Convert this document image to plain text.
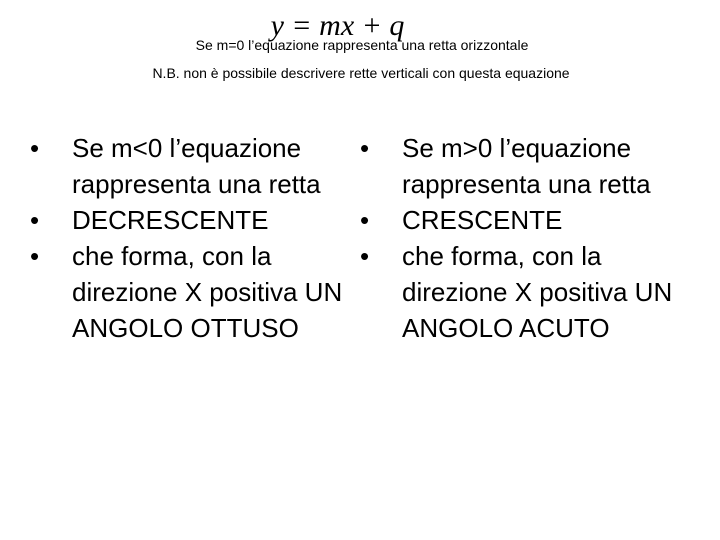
y = mx + q
Se m=0 l’equazione rappresenta una retta orizzontale
N.B. non è possibile descrivere rette verticali con questa equazione
•	Se m<0 l’equazione rappresenta una retta
•	DECRESCENTE
•	che forma, con la direzione X positiva UN ANGOLO OTTUSO
•	Se m>0 l’equazione rappresenta una retta
•	CRESCENTE
•	che forma, con la direzione X positiva UN ANGOLO ACUTO
